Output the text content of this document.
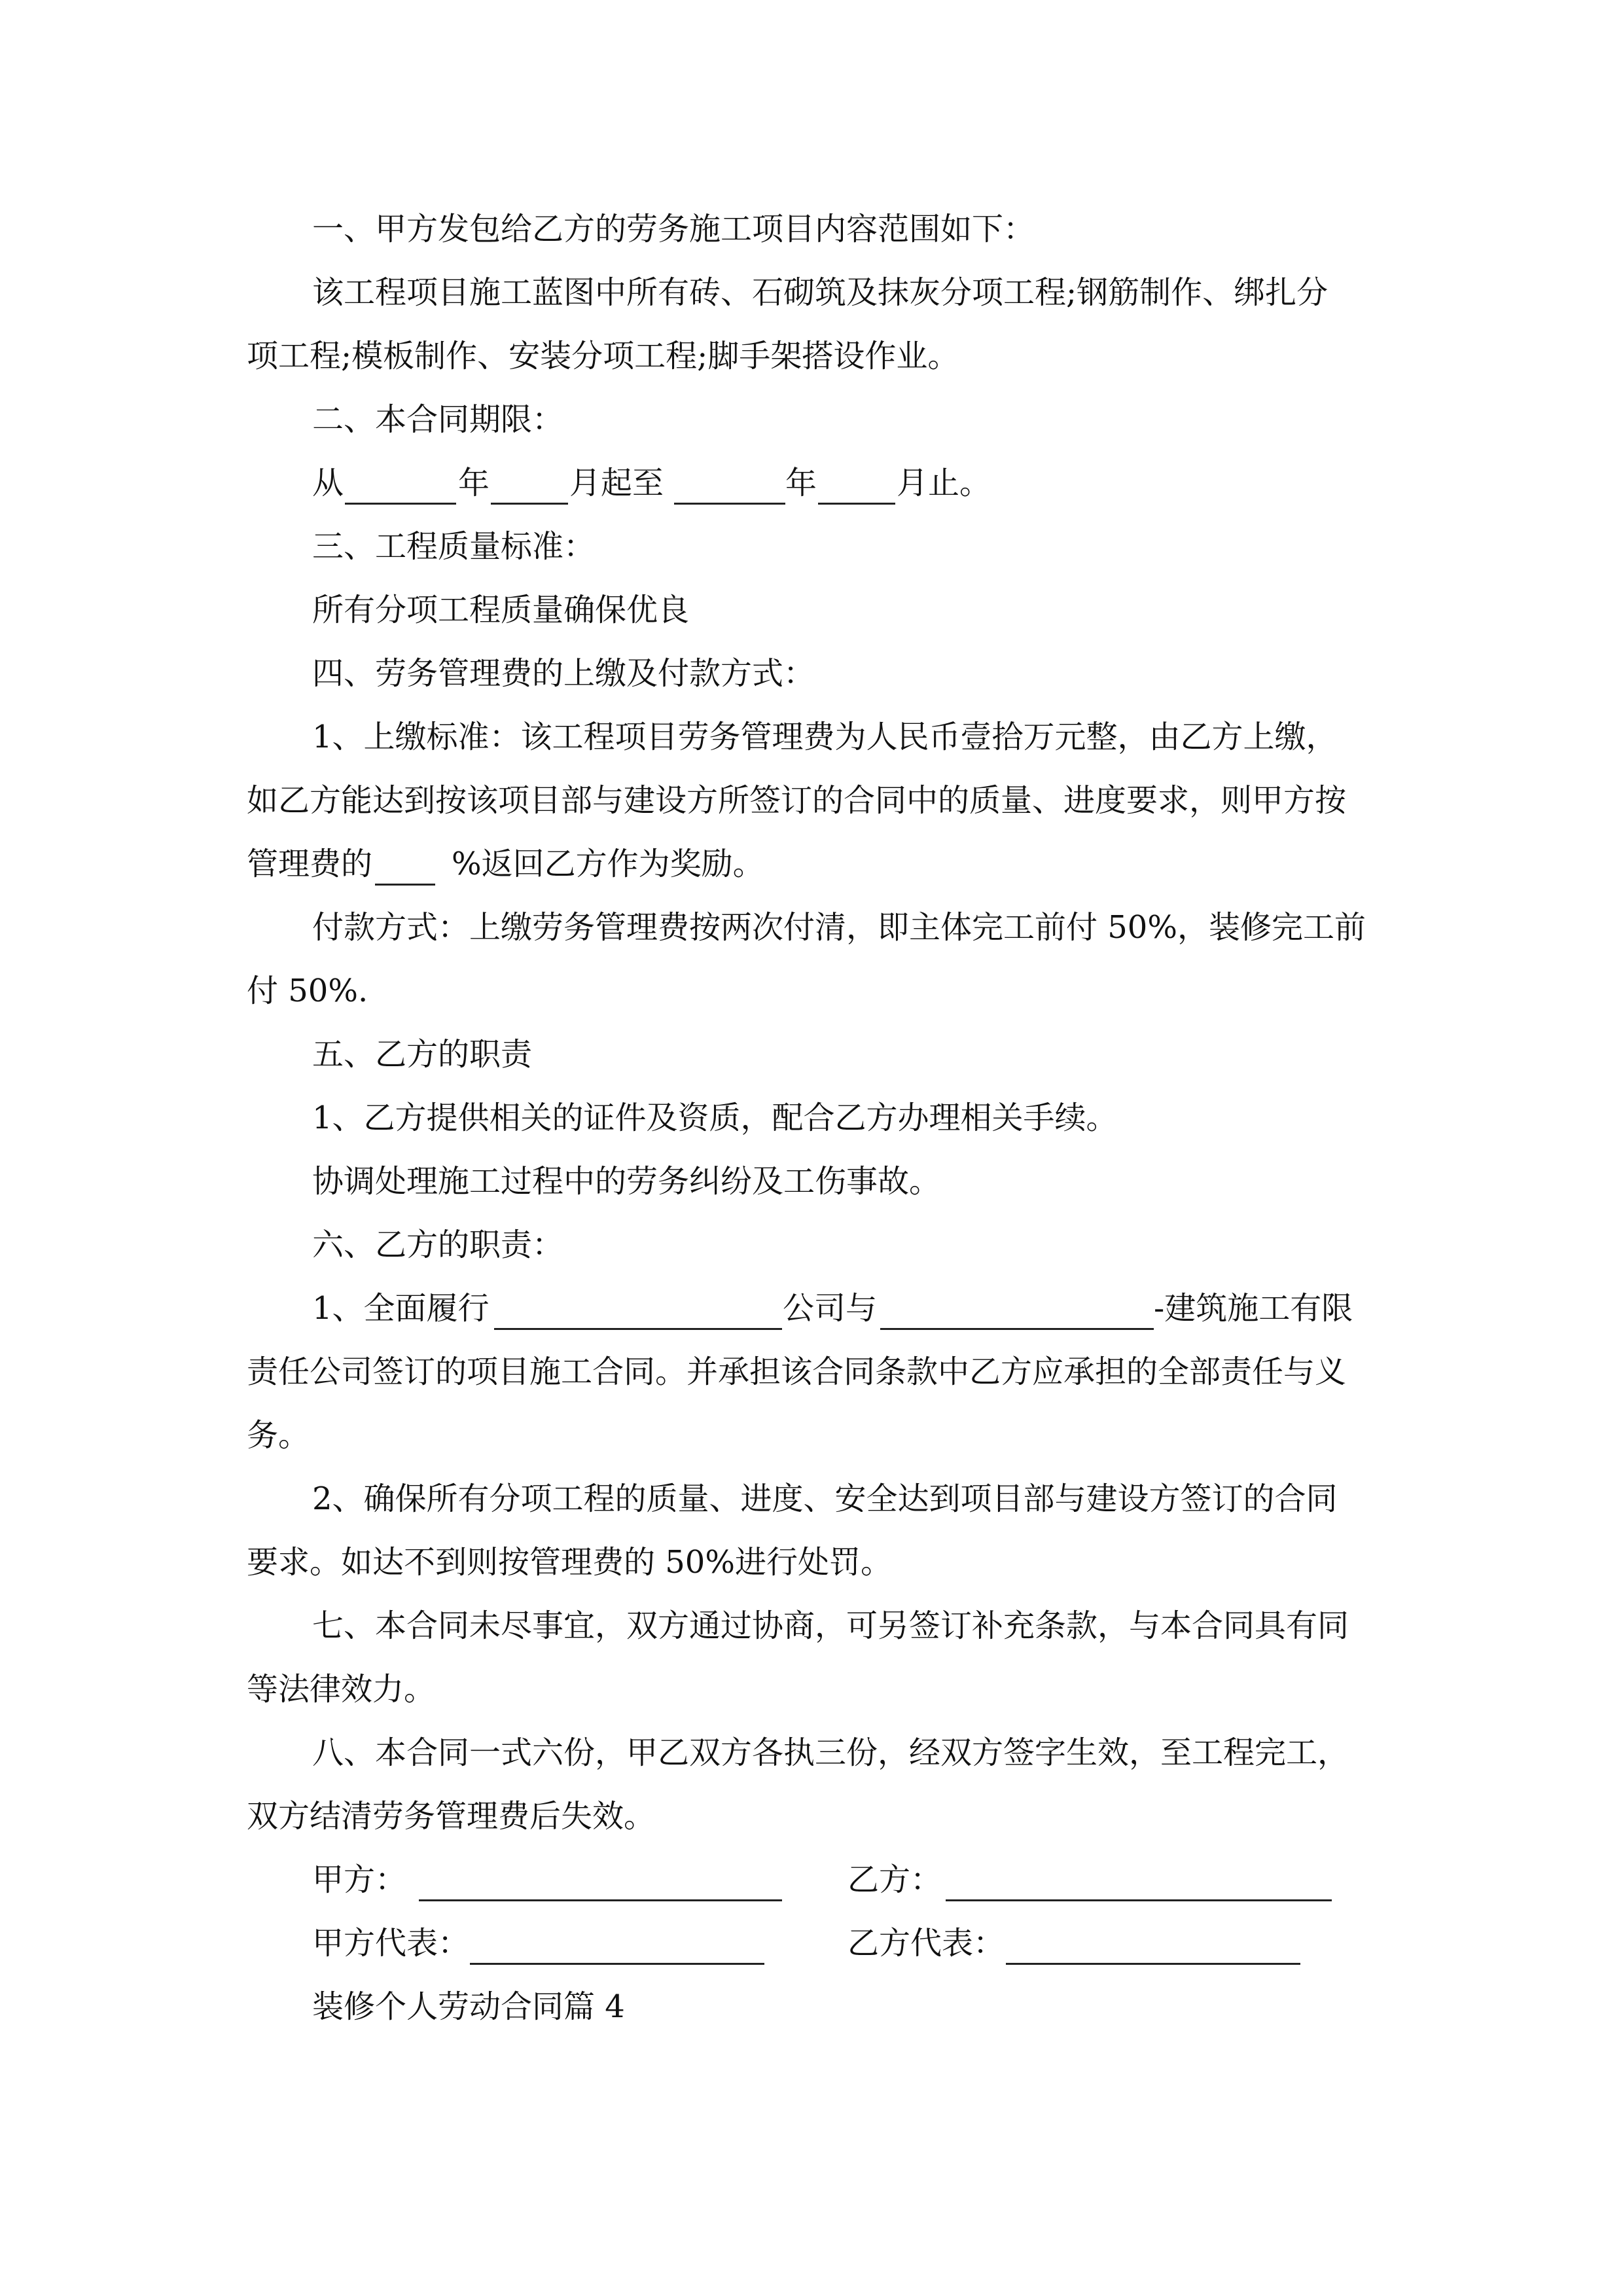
一、甲方发包给乙方的劳务施工项目内容范围如下：
该工程项目施工蓝图中所有砖、石砌筑及抹灰分项工程;钢筋制作、绑扎分
项工程;模板制作、安装分项工程;脚手架搭设作业。
二、本合同期限：
从	年	月起至	年	月止。
三、工程质量标准：
所有分项工程质量确保优良
四、劳务管理费的上缴及付款方式：
1、上缴标准：该工程项目劳务管理费为人民币壹拾万元整，由乙方上缴，
如乙方能达到按该项目部与建设方所签订的合同中的质量、进度要求，则甲方按
管理费的	%返回乙方作为奖励。
付款方式：上缴劳务管理费按两次付清，即主体完工前付 50%，装修完工前
付 50%.
五、乙方的职责
1、乙方提供相关的证件及资质，配合乙方办理相关手续。
协调处理施工过程中的劳务纠纷及工伤事故。
六、乙方的职责：
1、全面履行	公司与	-建筑施工有限
责任公司签订的项目施工合同。并承担该合同条款中乙方应承担的全部责任与义
务。
2、确保所有分项工程的质量、进度、安全达到项目部与建设方签订的合同
要求。如达不到则按管理费的 50%进行处罚。
七、本合同未尽事宜，双方通过协商，可另签订补充条款，与本合同具有同
等法律效力。
八、本合同一式六份，甲乙双方各执三份，经双方签字生效，至工程完工，
双方结清劳务管理费后失效。
甲方：	乙方：
甲方代表：	乙方代表：
装修个人劳动合同篇 4
